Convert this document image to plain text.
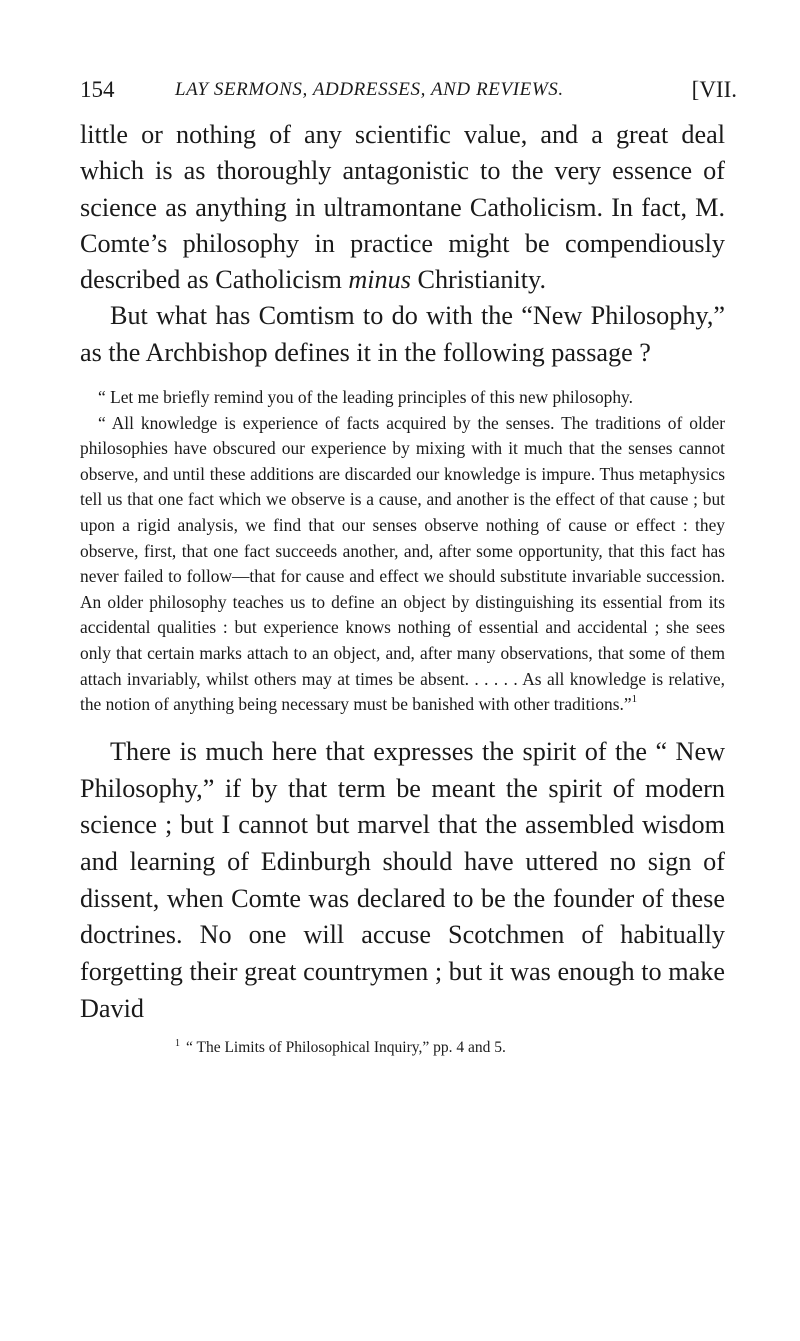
154	LAY SERMONS, ADDRESSES, AND REVIEWS.	[VII.

little or nothing of any scientific value, and a great deal which is as thoroughly antagonistic to the very essence of science as anything in ultramontane Catholicism. In fact, M. Comte’s philosophy in practice might be compendiously described as Catholicism minus Christianity.

But what has Comtism to do with the “New Philosophy,” as the Archbishop defines it in the following passage ?

“ Let me briefly remind you of the leading principles of this new philosophy.

“ All knowledge is experience of facts acquired by the senses. The traditions of older philosophies have obscured our experience by mixing with it much that the senses cannot observe, and until these additions are discarded our knowledge is impure. Thus metaphysics tell us that one fact which we observe is a cause, and another is the effect of that cause ; but upon a rigid analysis, we find that our senses observe nothing of cause or effect : they observe, first, that one fact succeeds another, and, after some opportunity, that this fact has never failed to follow—that for cause and effect we should substitute invariable succession. An older philosophy teaches us to define an object by distinguishing its essential from its accidental qualities : but experience knows nothing of essential and accidental ; she sees only that certain marks attach to an object, and, after many observations, that some of them attach invariably, whilst others may at times be absent. . . . . . As all knowledge is relative, the notion of anything being necessary must be banished with other traditions.”$^1$

There is much here that expresses the spirit of the “ New Philosophy,” if by that term be meant the spirit of modern science ; but I cannot but marvel that the assembled wisdom and learning of Edinburgh should have uttered no sign of dissent, when Comte was declared to be the founder of these doctrines. No one will accuse Scotchmen of habitually forgetting their great countrymen ; but it was enough to make David

$^1$ “ The Limits of Philosophical Inquiry,” pp. 4 and 5.
